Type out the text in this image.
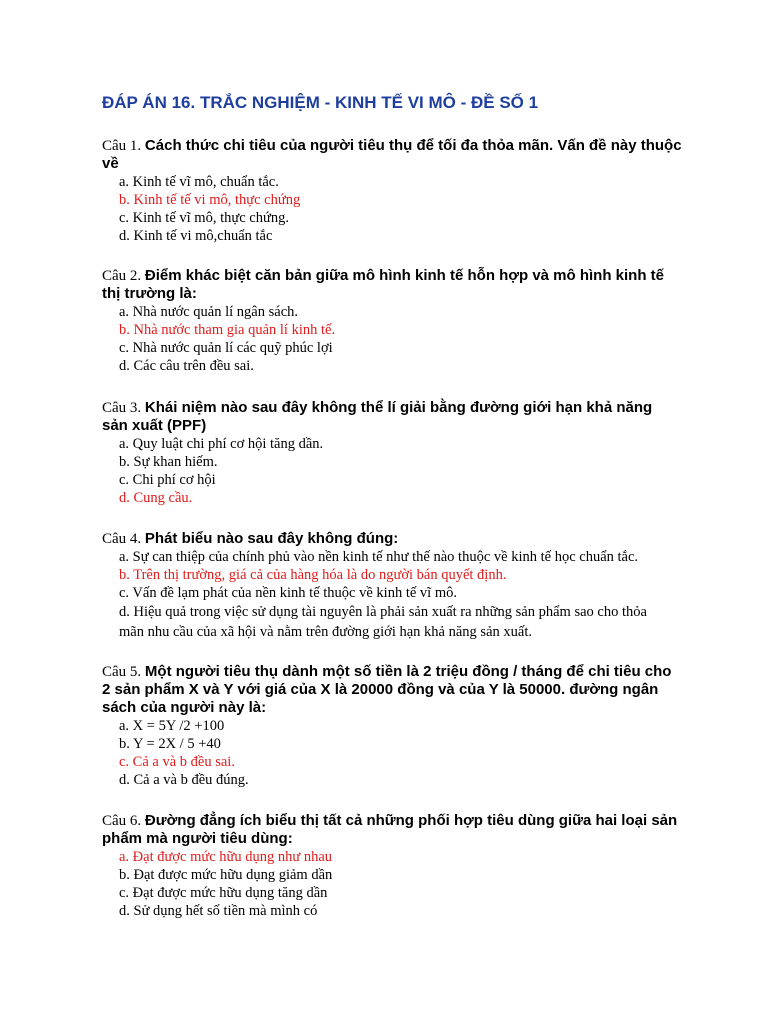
ĐÁP ÁN 16. TRẮC NGHIỆM - KINH TẾ VI MÔ - ĐỀ SỐ 1

Câu 1. Cách thức chi tiêu của người tiêu thụ để tối đa thỏa mãn. Vấn đề này thuộc về

a. Kinh tế vĩ mô, chuẩn tắc.
b. Kinh tế tế vi mô, thực chứng
c. Kinh tế vĩ mô, thực chứng.
d. Kinh tế vi mô,chuẩn tắc

Câu 2. Điểm khác biệt căn bản giữa mô hình kinh tế hỗn hợp và mô hình kinh tế thị trường là:

a. Nhà nước quản lí ngân sách.
b. Nhà nước tham gia quản lí kinh tế.
c. Nhà nước quản lí các quỹ phúc lợi
d. Các câu trên đều sai.

Câu 3. Khái niệm nào sau đây không thể lí giải bằng đường giới hạn khả năng sản xuất (PPF)

a. Quy luật chi phí cơ hội tăng dần.
b. Sự khan hiếm.
c. Chi phí cơ hội
d. Cung cầu.

Câu 4. Phát biểu nào sau đây không đúng:

a. Sự can thiệp của chính phủ vào nền kinh tế như thế nào thuộc về kinh tế học chuẩn tắc.
b. Trên thị trường, giá cả của hàng hóa là do người bán quyết định.
c. Vấn đề lạm phát của nền kinh tế thuộc về kinh tế vĩ mô.
d. Hiệu quả trong việc sử dụng tài nguyên là phải sản xuất ra những sản phẩm sao cho thỏa mãn nhu cầu của xã hội và nằm trên đường giới hạn khả năng sản xuất.

Câu 5. Một người tiêu thụ dành một số tiền là 2 triệu đồng / tháng để chi tiêu cho 2 sản phẩm X và Y với giá của X là 20000 đồng và của Y là 50000. đường ngân sách của người này là:

a. X = 5Y /2 +100
b. Y = 2X / 5 +40
c. Cả a và b đều sai.
d. Cả a và b đều đúng.

Câu 6. Đường đẳng ích biểu thị tất cả những phối hợp tiêu dùng giữa hai loại sản phẩm mà người tiêu dùng:

a. Đạt được mức hữu dụng như nhau
b. Đạt được mức hữu dụng giảm dần
c. Đạt được mức hữu dụng tăng dần
d. Sử dụng hết số tiền mà mình có
